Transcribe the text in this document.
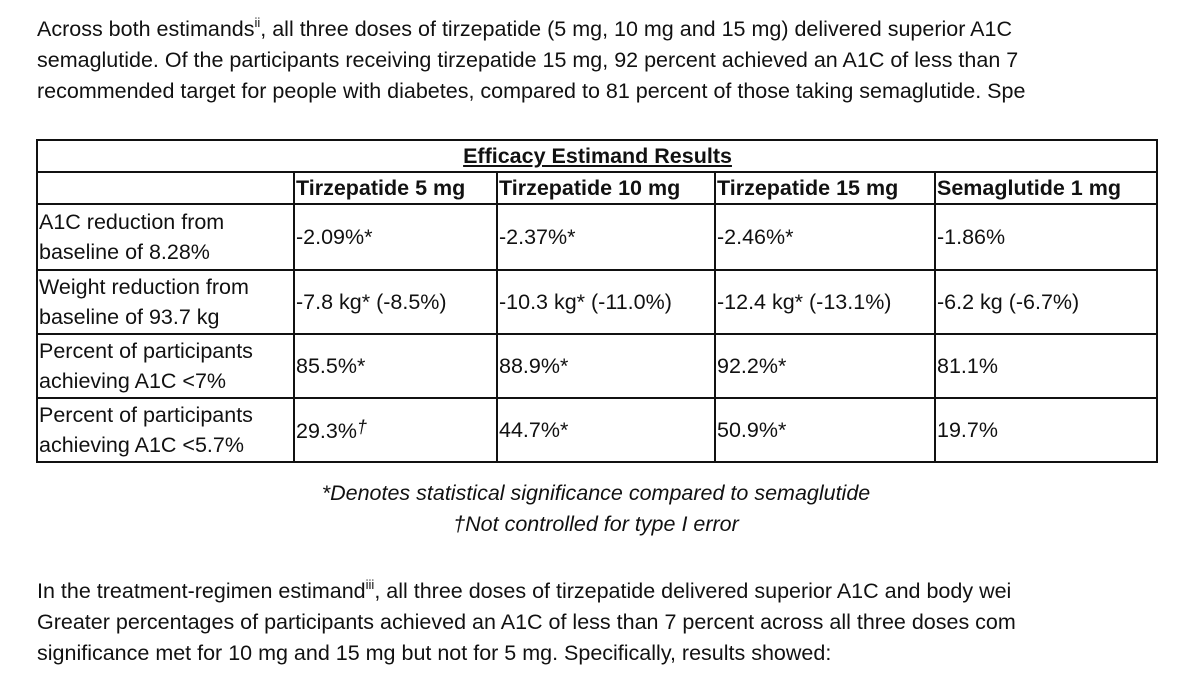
Across both estimands$^{ii}$, all three doses of tirzepatide (5 mg, 10 mg and 15 mg) delivered superior A1C
semaglutide. Of the participants receiving tirzepatide 15 mg, 92 percent achieved an A1C of less than 7
recommended target for people with diabetes, compared to 81 percent of those taking semaglutide. Spe
Efficacy Estimand Results				
	Tirzepatide 5 mg	Tirzepatide 10 mg	Tirzepatide 15 mg	Semaglutide 1 mg

A1C reduction from
baseline of 8.28%	-2.09%*	-2.37%*	-2.46%*	-1.86%

Weight reduction from
baseline of 93.7 kg	-7.8 kg* (-8.5%)	-10.3 kg* (-11.0%)	-12.4 kg* (-13.1%)	-6.2 kg (-6.7%)

Percent of participants
achieving A1C <7%	85.5%*	88.9%*	92.2%*	81.1%

Percent of participants
achieving A1C <5.7%	29.3%†	44.7%*	50.9%*	19.7%
*Denotes statistical significance compared to semaglutide
†Not controlled for type I error
In the treatment-regimen estimand$^{iii}$, all three doses of tirzepatide delivered superior A1C and body wei
Greater percentages of participants achieved an A1C of less than 7 percent across all three doses com
significance met for 10 mg and 15 mg but not for 5 mg. Specifically, results showed:
